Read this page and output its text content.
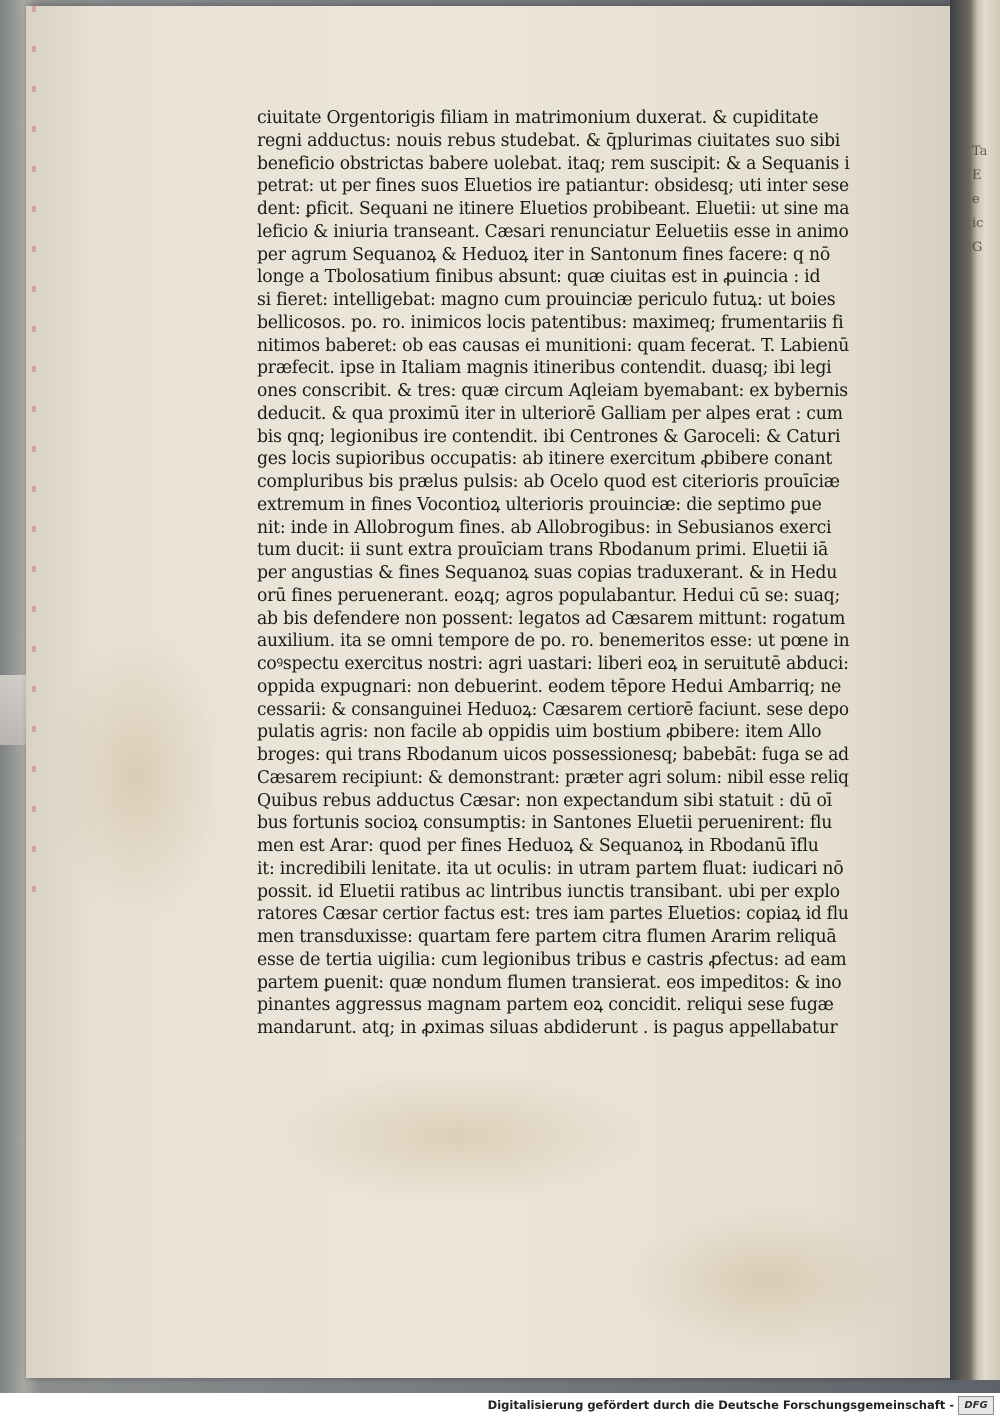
Ta
E
e
ic
G
ciuitate Orgentorigis filiam in matrimonium duxerat. & cupiditate
regni adductus: nouis rebus studebat. & q̄plurimas ciuitates suo sibi
beneficio obstrictas babere uolebat. itaq; rem suscipit: & a Sequanis i
petrat: ut per fines suos Eluetios ire patiantur: obsidesq; uti inter sese
dent: ꝑficit. Sequani ne itinere Eluetios probibeant. Eluetii: ut sine ma
leficio & iniuria transeant. Cæsari renunciatur Eeluetiis esse in animo
per agrum Sequanoꝝ & Heduoꝝ iter in Santonum fines facere: q nō
longe a Tbolosatium finibus absunt: quæ ciuitas est in ꝓuincia : id
si fieret: intelligebat: magno cum prouinciæ periculo futuꝝ: ut boies
bellicosos. po. ro. inimicos locis patentibus: maximeq; frumentariis fi
nitimos baberet: ob eas causas ei munitioni: quam fecerat. T. Labienū
præfecit. ipse in Italiam magnis itineribus contendit. duasq; ibi legi
ones conscribit. & tres: quæ circum Aqleiam byemabant: ex bybernis
deducit. & qua proximū iter in ulteriorē Galliam per alpes erat : cum
bis qnq; legionibus ire contendit. ibi Centrones & Garoceli: & Caturi
ges locis supioribus occupatis: ab itinere exercitum ꝓbibere conant
compluribus bis prælus pulsis: ab Ocelo quod est citerioris prouīciæ
extremum in fines Vocontioꝝ ulterioris prouinciæ: die septimo ꝑue
nit: inde in Allobrogum fines. ab Allobrogibus: in Sebusianos exerci
tum ducit: ii sunt extra prouīciam trans Rbodanum primi. Eluetii iā
per angustias & fines Sequanoꝝ suas copias traduxerant. & in Hedu
orū fines peruenerant. eoꝝq; agros populabantur. Hedui cū se: suaq;
ab bis defendere non possent: legatos ad Cæsarem mittunt: rogatum
auxilium. ita se omni tempore de po. ro. benemeritos esse: ut pœne in
coꝰspectu exercitus nostri: agri uastari: liberi eoꝝ in seruitutē abduci:
oppida expugnari: non debuerint. eodem tēpore Hedui Ambarriq; ne
cessarii: & consanguinei Heduoꝝ: Cæsarem certiorē faciunt. sese depo
pulatis agris: non facile ab oppidis uim bostium ꝓbibere: item Allo
broges: qui trans Rbodanum uicos possessionesq; babebāt: fuga se ad
Cæsarem recipiunt: & demonstrant: præter agri solum: nibil esse reliq
Quibus rebus adductus Cæsar: non expectandum sibi statuit : dū oī
bus fortunis socioꝝ consumptis: in Santones Eluetii peruenirent: flu
men est Arar: quod per fines Heduoꝝ & Sequanoꝝ in Rbodanū īflu
it: incredibili lenitate. ita ut oculis: in utram partem fluat: iudicari nō
possit. id Eluetii ratibus ac lintribus iunctis transibant. ubi per explo
ratores Cæsar certior factus est: tres iam partes Eluetios: copiaꝝ id flu
men transduxisse: quartam fere partem citra flumen Ararim reliquā
esse de tertia uigilia: cum legionibus tribus e castris ꝓfectus: ad eam
partem ꝑuenit: quæ nondum flumen transierat. eos impeditos: & ino
pinantes aggressus magnam partem eoꝝ concidit. reliqui sese fugæ
mandarunt. atq; in ꝓximas siluas abdiderunt . is pagus appellabatur
Digitalisierung gefördert durch die Deutsche Forschungsgemeinschaft -	DFG
